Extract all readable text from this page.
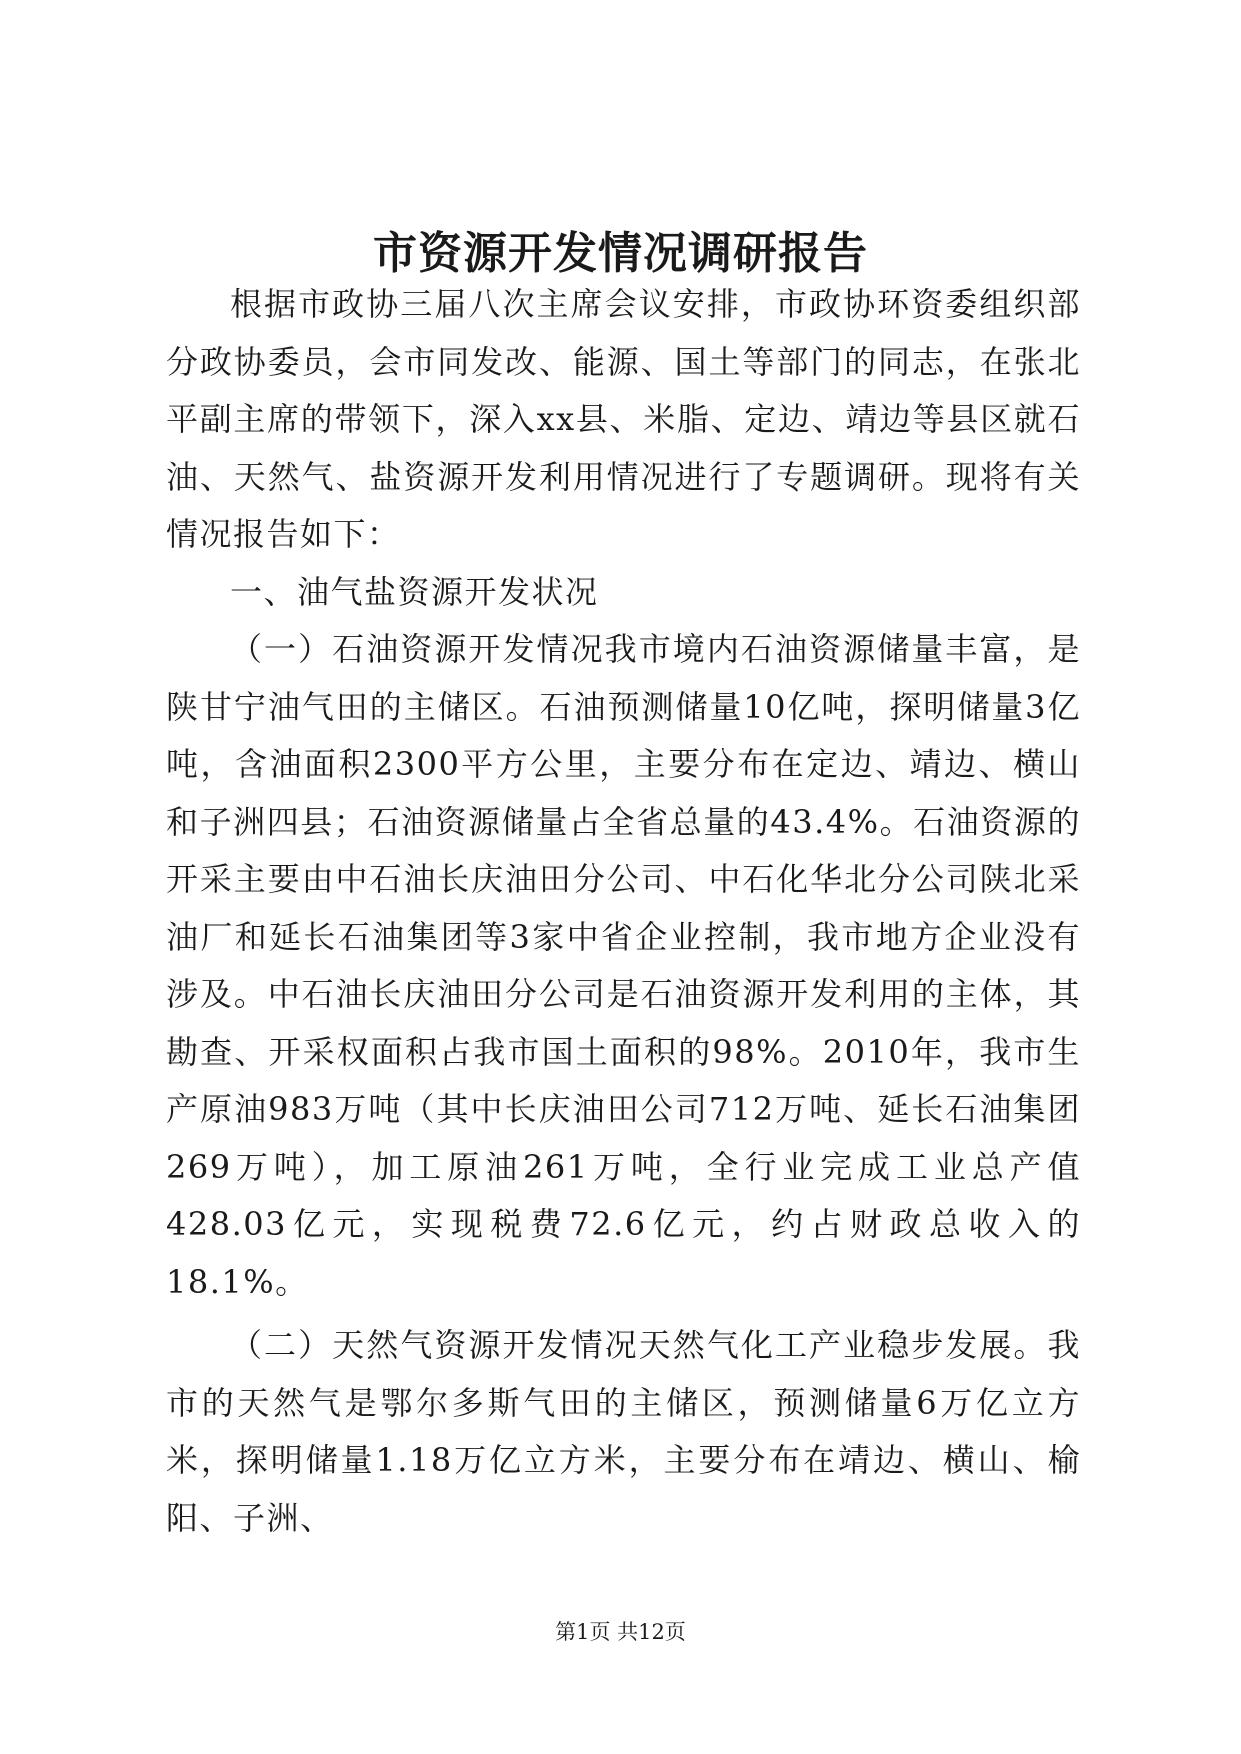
市资源开发情况调研报告

根据市政协三届八次主席会议安排，市政协环资委组织部分政协委员，会市同发改、能源、国土等部门的同志，在张北平副主席的带领下，深入xx县、米脂、定边、靖边等县区就石油、天然气、盐资源开发利用情况进行了专题调研。现将有关情况报告如下：

一、油气盐资源开发状况

（一）石油资源开发情况我市境内石油资源储量丰富，是陕甘宁油气田的主储区。石油预测储量10亿吨，探明储量3亿吨，含油面积2300平方公里，主要分布在定边、靖边、横山和子洲四县；石油资源储量占全省总量的43.4%。石油资源的开采主要由中石油长庆油田分公司、中石化华北分公司陕北采油厂和延长石油集团等3家中省企业控制，我市地方企业没有涉及。中石油长庆油田分公司是石油资源开发利用的主体，其勘查、开采权面积占我市国土面积的98%。2010年，我市生产原油983万吨（其中长庆油田公司712万吨、延长石油集团269万吨），加工原油261万吨，全行业完成工业总产值428.03亿元，实现税费72.6亿元，约占财政总收入的18.1%。

（二）天然气资源开发情况天然气化工产业稳步发展。我市的天然气是鄂尔多斯气田的主储区，预测储量6万亿立方米，探明储量1.18万亿立方米，主要分布在靖边、横山、榆阳、子洲、

第1页 共12页
